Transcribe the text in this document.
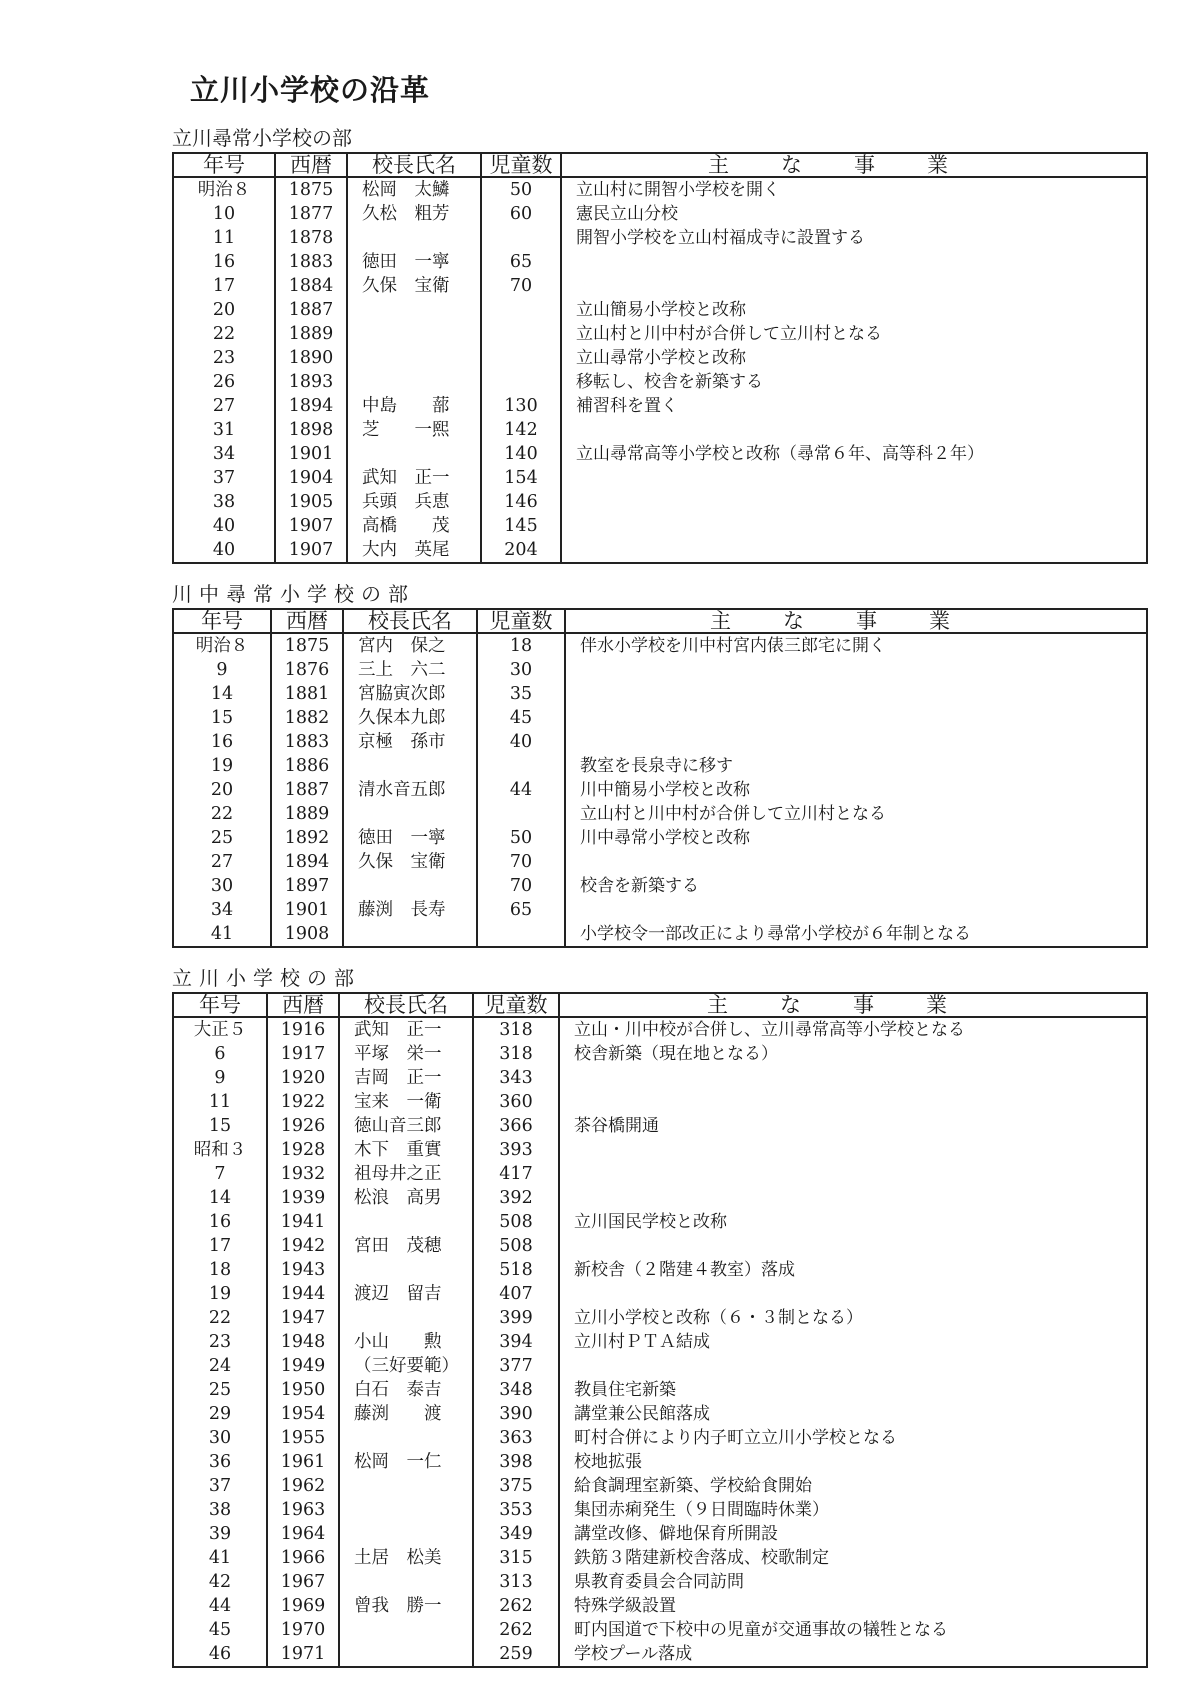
立川小学校の沿革
立川尋常小学校の部
年号	西暦	校長氏名	児童数	主な事業
明治８	1875	松岡　太鱗	50	立山村に開智小学校を開く
10	1877	久松　粗芳	60	憲民立山分校
11	1878			開智小学校を立山村福成寺に設置する
16	1883	徳田　一寧	65	
17	1884	久保　宝衛	70	
20	1887			立山簡易小学校と改称
22	1889			立山村と川中村が合併して立川村となる
23	1890			立山尋常小学校と改称
26	1893			移転し、校舎を新築する
27	1894	中島　　蔀	130	補習科を置く
31	1898	芝　　一熙	142	
34	1901		140	立山尋常高等小学校と改称（尋常６年、高等科２年）
37	1904	武知　正一	154	
38	1905	兵頭　兵恵	146	
40	1907	高橋　　茂	145	
40	1907	大内　英尾	204	
川中尋常小学校の部
年号	西暦	校長氏名	児童数	主な事業
明治８	1875	宮内　保之	18	伴水小学校を川中村宮内俵三郎宅に開く
9	1876	三上　六二	30	
14	1881	宮脇寅次郎	35	
15	1882	久保本九郎	45	
16	1883	京極　孫市	40	
19	1886			教室を長泉寺に移す
20	1887	清水音五郎	44	川中簡易小学校と改称
22	1889			立山村と川中村が合併して立川村となる
25	1892	徳田　一寧	50	川中尋常小学校と改称
27	1894	久保　宝衛	70	
30	1897		70	校舎を新築する
34	1901	藤渕　長寿	65	
41	1908			小学校令一部改正により尋常小学校が６年制となる
立川小学校の部
年号	西暦	校長氏名	児童数	主な事業
大正５	1916	武知　正一	318	立山・川中校が合併し、立川尋常高等小学校となる
6	1917	平塚　栄一	318	校舎新築（現在地となる）
9	1920	吉岡　正一	343	
11	1922	宝来　一衛	360	
15	1926	徳山音三郎	366	茶谷橋開通
昭和３	1928	木下　重實	393	
7	1932	祖母井之正	417	
14	1939	松浪　高男	392	
16	1941		508	立川国民学校と改称
17	1942	宮田　茂穂	508	
18	1943		518	新校舎（２階建４教室）落成
19	1944	渡辺　留吉	407	
22	1947		399	立川小学校と改称（６・３制となる）
23	1948	小山　　勲	394	立川村ＰＴＡ結成
24	1949	（三好要範）	377	
25	1950	白石　泰吉	348	教員住宅新築
29	1954	藤渕　　渡	390	講堂兼公民館落成
30	1955		363	町村合併により内子町立立川小学校となる
36	1961	松岡　一仁	398	校地拡張
37	1962		375	給食調理室新築、学校給食開始
38	1963		353	集団赤痢発生（９日間臨時休業）
39	1964		349	講堂改修、僻地保育所開設
41	1966	土居　松美	315	鉄筋３階建新校舎落成、校歌制定
42	1967		313	県教育委員会合同訪問
44	1969	曾我　勝一	262	特殊学級設置
45	1970		262	町内国道で下校中の児童が交通事故の犠牲となる
46	1971		259	学校プール落成
